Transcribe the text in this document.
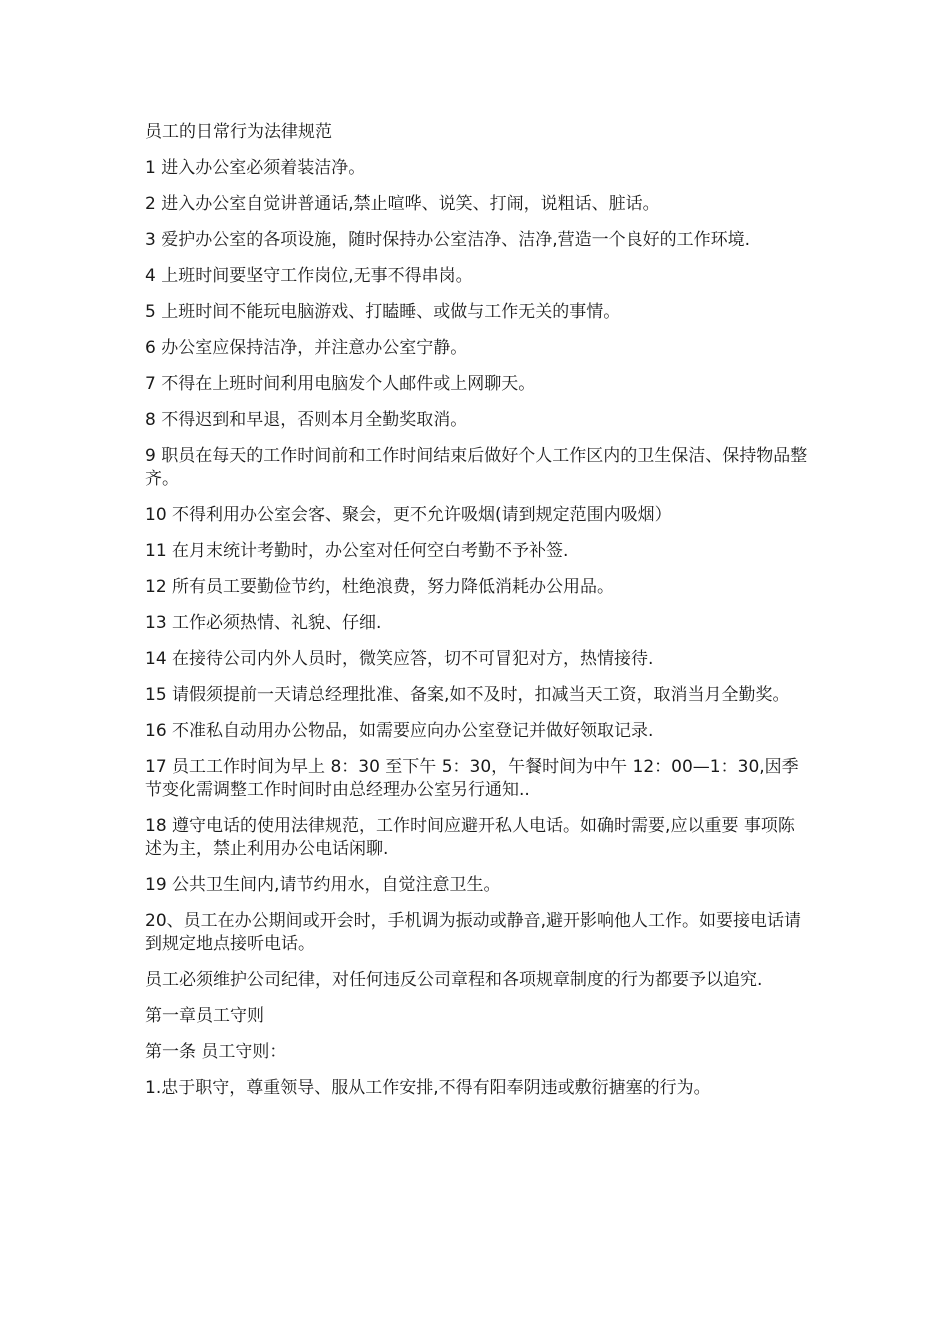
员工的日常行为法律规范

1 进入办公室必须着装洁净。

2 进入办公室自觉讲普通话,禁止喧哗、说笑、打闹，说粗话、脏话。

3 爱护办公室的各项设施，随时保持办公室洁净、洁净,营造一个良好的工作环境.

4 上班时间要坚守工作岗位,无事不得串岗。

5 上班时间不能玩电脑游戏、打瞌睡、或做与工作无关的事情。

6 办公室应保持洁净，并注意办公室宁静。

7 不得在上班时间利用电脑发个人邮件或上网聊天。

8 不得迟到和早退，否则本月全勤奖取消。

9 职员在每天的工作时间前和工作时间结束后做好个人工作区内的卫生保洁、保持物品整齐。

10 不得利用办公室会客、聚会，更不允许吸烟(请到规定范围内吸烟）

11 在月末统计考勤时，办公室对任何空白考勤不予补签.

12 所有员工要勤俭节约，杜绝浪费，努力降低消耗办公用品。

13 工作必须热情、礼貌、仔细.

14 在接待公司内外人员时，微笑应答，切不可冒犯对方，热情接待.

15 请假须提前一天请总经理批准、备案,如不及时，扣减当天工资，取消当月全勤奖。

16 不准私自动用办公物品，如需要应向办公室登记并做好领取记录.

17 员工工作时间为早上 8：30 至下午 5：30，午餐时间为中午 12：00—1：30,因季节变化需调整工作时间时由总经理办公室另行通知..

18 遵守电话的使用法律规范，工作时间应避开私人电话。如确时需要,应以重要 事项陈述为主，禁止利用办公电话闲聊.

19 公共卫生间内,请节约用水，自觉注意卫生。

20、员工在办公期间或开会时，手机调为振动或静音,避开影响他人工作。如要接电话请到规定地点接听电话。

员工必须维护公司纪律，对任何违反公司章程和各项规章制度的行为都要予以追究.

第一章员工守则

第一条 员工守则：

1.忠于职守，尊重领导、服从工作安排,不得有阳奉阴违或敷衍搪塞的行为。
